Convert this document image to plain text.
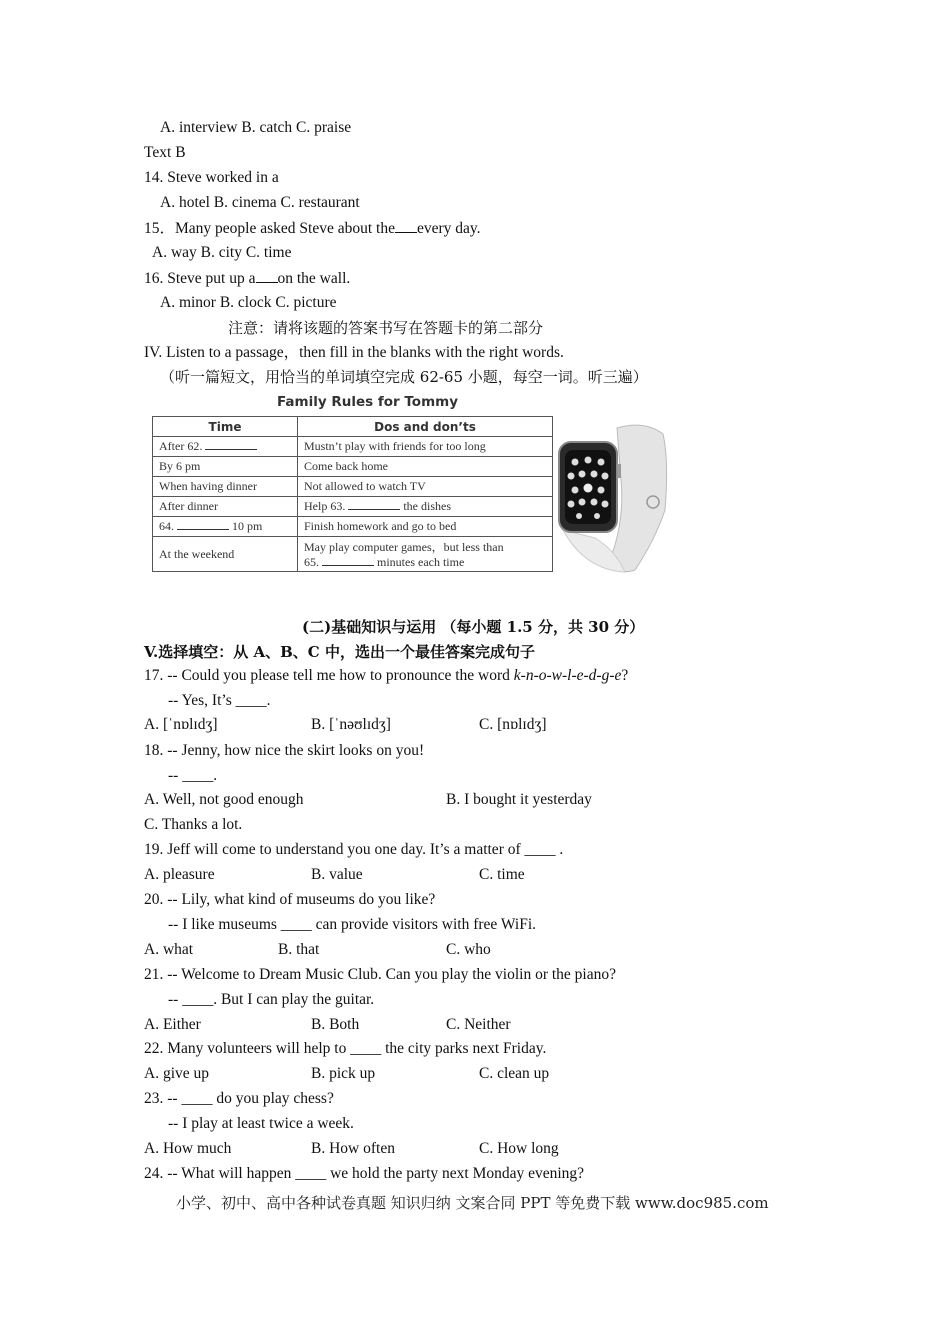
A. interview B. catch C. praise
Text B
14. Steve worked in a
A. hotel B. cinema C. restaurant
15．Many people asked Steve about the every day.
A. way B. city C. time
16. Steve put up a on the wall.
A. minor B. clock C. picture
注意：请将该题的答案书写在答题卡的第二部分
IV. Listen to a passage，then fill in the blanks with the right words.
（听一篇短文，用恰当的单词填空完成 62-65 小题，每空一词。听三遍）
Family Rules for Tommy
Time	Dos and don’ts
After 62.	Mustn’t play with friends for too long
By 6 pm	Come back home
When having dinner	Not allowed to watch TV
After dinner	Help 63. the dishes
64. 10 pm	Finish homework and go to bed
At the weekend	May play computer games，but less than
65. minutes each time
(二)基础知识与运用 （每小题 1.5 分，共 30 分）
V.选择填空：从 A、B、C 中，选出一个最佳答案完成句子
17. -- Could you please tell me how to pronounce the word k-n-o-w-l-e-d-g-e?
-- Yes, It’s ____.
A. [ˈnɒlɪdʒ]	B. [ˈnəʊlɪdʒ]	C. [nɒlɪdʒ]
18. -- Jenny, how nice the skirt looks on you!
-- ____.
A. Well, not good enough	B. I bought it yesterday
C. Thanks a lot.
19. Jeff will come to understand you one day. It’s a matter of ____ .
A. pleasure	B. value	C. time
20. -- Lily, what kind of museums do you like?
-- I like museums ____ can provide visitors with free WiFi.
A. what	B. that	C. who
21. -- Welcome to Dream Music Club. Can you play the violin or the piano?
-- ____. But I can play the guitar.
A. Either	B. Both	C. Neither
22. Many volunteers will help to ____ the city parks next Friday.
A. give up	B. pick up	C. clean up
23. -- ____ do you play chess?
-- I play at least twice a week.
A. How much	B. How often	C. How long
24. -- What will happen ____ we hold the party next Monday evening?
小学、初中、高中各种试卷真题 知识归纳 文案合同 PPT 等免费下载 www.doc985.com
